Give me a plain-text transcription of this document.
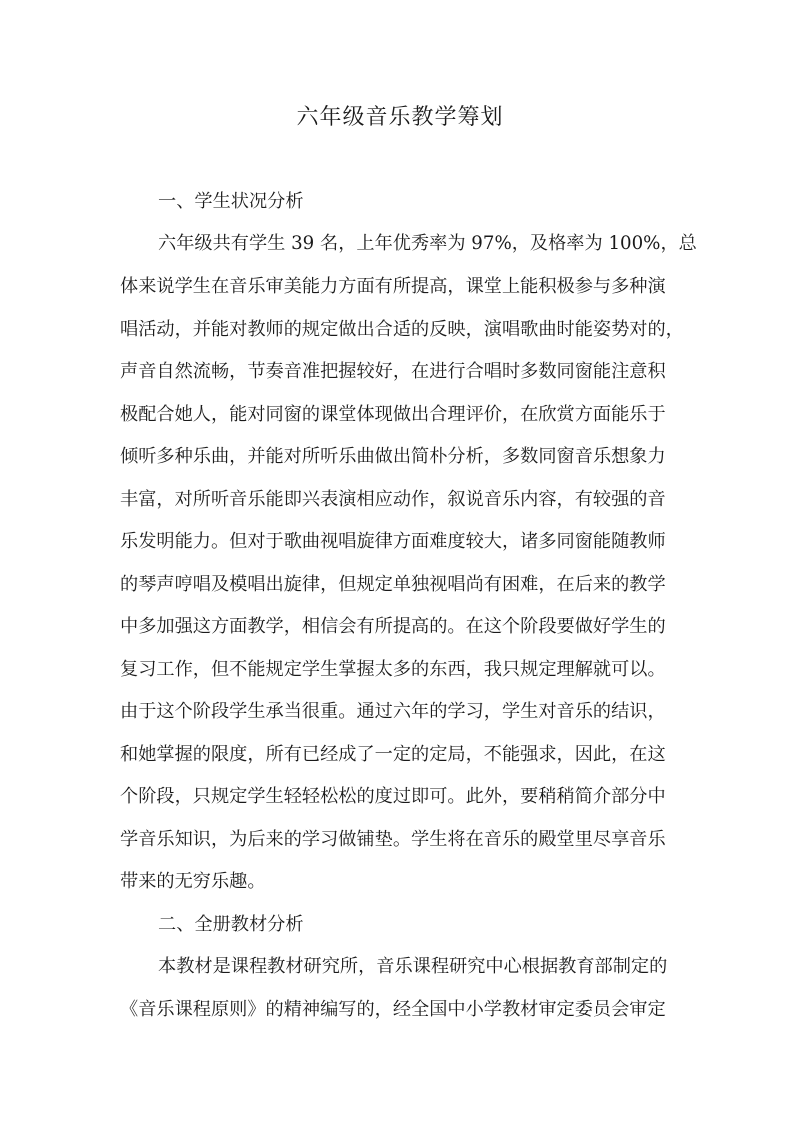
六年级音乐教学筹划

一、学生状况分析

六年级共有学生 39 名，上年优秀率为 97%，及格率为 100%，总

体来说学生在音乐审美能力方面有所提高，课堂上能积极参与多种演

唱活动，并能对教师的规定做出合适的反映，演唱歌曲时能姿势对的，

声音自然流畅，节奏音准把握较好，在进行合唱时多数同窗能注意积

极配合她人，能对同窗的课堂体现做出合理评价，在欣赏方面能乐于

倾听多种乐曲，并能对所听乐曲做出简朴分析，多数同窗音乐想象力

丰富，对所听音乐能即兴表演相应动作，叙说音乐内容，有较强的音

乐发明能力。但对于歌曲视唱旋律方面难度较大，诸多同窗能随教师

的琴声哼唱及模唱出旋律，但规定单独视唱尚有困难，在后来的教学

中多加强这方面教学，相信会有所提高的。在这个阶段要做好学生的

复习工作，但不能规定学生掌握太多的东西，我只规定理解就可以。

由于这个阶段学生承当很重。通过六年的学习，学生对音乐的结识，

和她掌握的限度，所有已经成了一定的定局，不能强求，因此，在这

个阶段，只规定学生轻轻松松的度过即可。此外，要稍稍简介部分中

学音乐知识，为后来的学习做铺垫。学生将在音乐的殿堂里尽享音乐

带来的无穷乐趣。

二、全册教材分析

本教材是课程教材研究所，音乐课程研究中心根据教育部制定的

《音乐课程原则》的精神编写的，经全国中小学教材审定委员会审定
